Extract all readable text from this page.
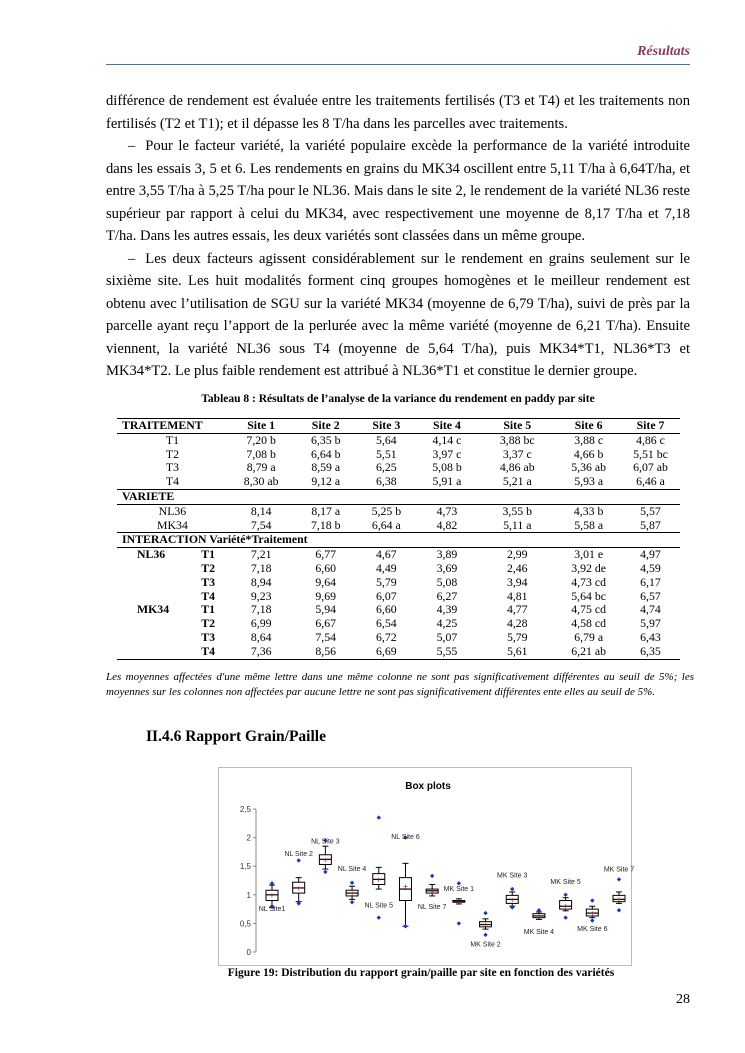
Résultats

différence de rendement est évaluée entre les traitements fertilisés (T3 et T4) et les traitements non fertilisés (T2 et T1); et il dépasse les 8 T/ha dans les parcelles avec traitements.

– Pour le facteur variété, la variété populaire excède la performance de la variété introduite dans les essais 3, 5 et 6. Les rendements en grains du MK34 oscillent entre 5,11 T/ha à 6,64T/ha, et entre 3,55 T/ha à 5,25 T/ha pour le NL36. Mais dans le site 2, le rendement de la variété NL36 reste supérieur par rapport à celui du MK34, avec respectivement une moyenne de 8,17 T/ha et 7,18 T/ha. Dans les autres essais, les deux variétés sont classées dans un même groupe.

– Les deux facteurs agissent considérablement sur le rendement en grains seulement sur le sixième site. Les huit modalités forment cinq groupes homogènes et le meilleur rendement est obtenu avec l’utilisation de SGU sur la variété MK34 (moyenne de 6,79 T/ha), suivi de près par la parcelle ayant reçu l’apport de la perlurée avec la même variété (moyenne de 6,21 T/ha). Ensuite viennent, la variété NL36 sous T4 (moyenne de 5,64 T/ha), puis MK34*T1, NL36*T3 et MK34*T2. Le plus faible rendement est attribué à NL36*T1 et constitue le dernier groupe.

Tableau 8 : Résultats de l’analyse de la variance du rendement en paddy par site
TRAITEMENT		Site 1	Site 2	Site 3	Site 4	Site 5	Site 6	Site 7
T1		7,20 b	6,35 b	5,64	4,14 c	3,88 bc	3,88 c	4,86 c
T2		7,08 b	6,64 b	5,51	3,97 c	3,37 c	4,66 b	5,51 bc
T3		8,79 a	8,59 a	6,25	5,08 b	4,86 ab	5,36 ab	6,07 ab
T4		8,30 ab	9,12 a	6,38	5,91 a	5,21 a	5,93 a	6,46 a
VARIETE								
NL36		8,14	8,17 a	5,25 b	4,73	3,55 b	4,33 b	5,57
MK34		7,54	7,18 b	6,64 a	4,82	5,11 a	5,58 a	5,87
INTERACTION Variété*Traitement								
NL36	T1	7,21	6,77	4,67	3,89	2,99	3,01 e	4,97
	T2	7,18	6,60	4,49	3,69	2,46	3,92 de	4,59
	T3	8,94	9,64	5,79	5,08	3,94	4,73 cd	6,17
	T4	9,23	9,69	6,07	6,27	4,81	5,64 bc	6,57
MK34	T1	7,18	5,94	6,60	4,39	4,77	4,75 cd	4,74
	T2	6,99	6,67	6,54	4,25	4,28	4,58 cd	5,97
	T3	8,64	7,54	6,72	5,07	5,79	6,79 a	6,43
	T4	7,36	8,56	6,69	5,55	5,61	6,21 ab	6,35
Les moyennes affectées d'une même lettre dans une même colonne ne sont pas significativement différentes au seuil de 5%; les moyennes sur les colonnes non affectées par aucune lettre ne sont pas significativement différentes ente elles au seuil de 5%.
II.4.6 Rapport Grain/Paille
Box plots
0
0,5
1
1,5
2
2,5
+
NL Site1
+
NL Site 2
+
NL Site 3
+
NL Site 4
+
NL Site 5
+
NL Site 6
+
NL Site 7
+
MK Site 1
+
MK Site 2
+
MK Site 3
+
MK Site 4
+
MK Site 5
+
MK Site 6
+
MK Site 7
Figure 19: Distribution du rapport grain/paille par site en fonction des variétés
28
